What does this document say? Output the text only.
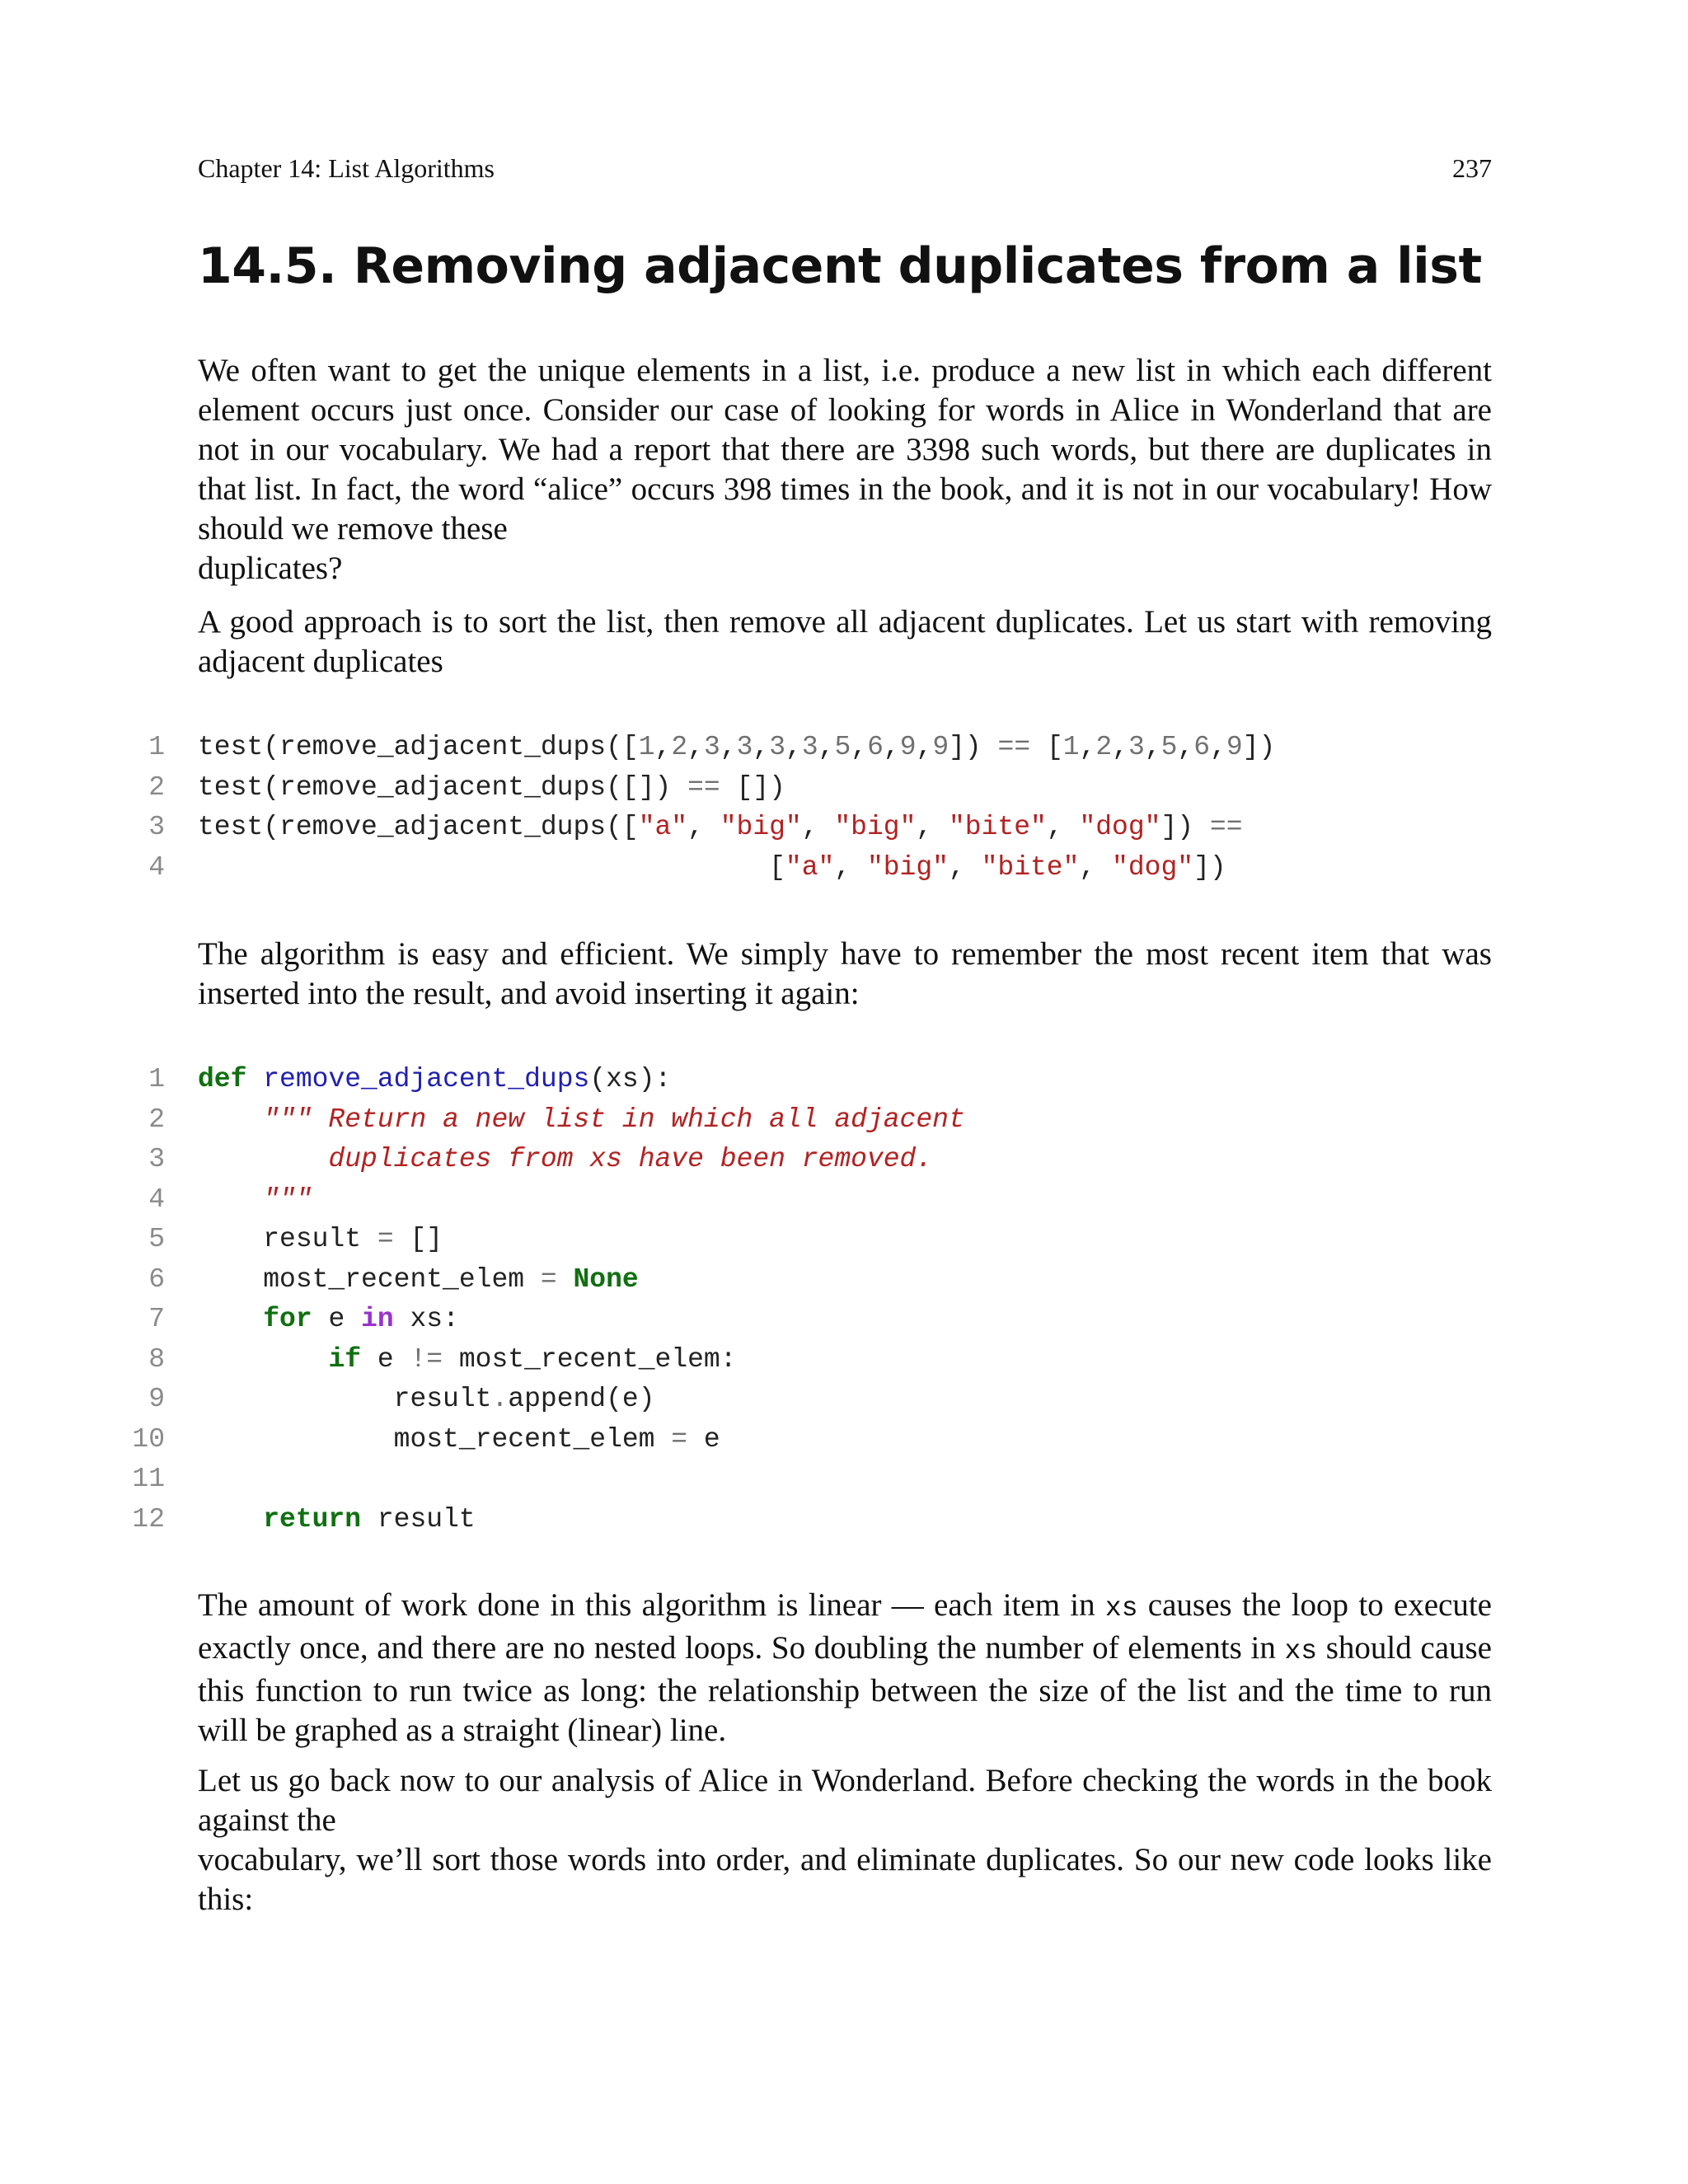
Chapter 14: List Algorithms	237
14.5. Removing adjacent duplicates from a list

We often want to get the unique elements in a list, i.e. produce a new list in which each different
element occurs just once. Consider our case of looking for words in Alice in Wonderland that are
not in our vocabulary. We had a report that there are 3398 such words, but there are duplicates in
that list. In fact, the word “alice” occurs 398 times in the book, and it is not in our vocabulary! How
should we remove these
duplicates?

A good approach is to sort the list, then remove all adjacent duplicates. Let us start with removing
adjacent duplicates

1 test(remove_adjacent_dups([1,2,3,3,3,3,5,6,9,9]) == [1,2,3,5,6,9])
2 test(remove_adjacent_dups([]) == [])
3 test(remove_adjacent_dups(["a", "big", "big", "bite", "dog"]) ==
4 ["a", "big", "bite", "dog"])

The algorithm is easy and efficient. We simply have to remember the most recent item that was
inserted into the result, and avoid inserting it again:

1 def remove_adjacent_dups(xs):
2	""" Return a new list in which all adjacent
3	duplicates from xs have been removed.
4	"""
5 result = []
6 most_recent_elem = None
7	for e in xs:
8	if e != most_recent_elem:
9 result.append(e)
10 most_recent_elem = e
11

12	return result

The amount of work done in this algorithm is linear — each item in xs causes the loop to execute
exactly once, and there are no nested loops. So doubling the number of elements in xs should cause
this function to run twice as long: the relationship between the size of the list and the time to run
will be graphed as a straight (linear) line.

Let us go back now to our analysis of Alice in Wonderland. Before checking the words in the book
against the
vocabulary, we’ll sort those words into order, and eliminate duplicates. So our new code looks like
this:
